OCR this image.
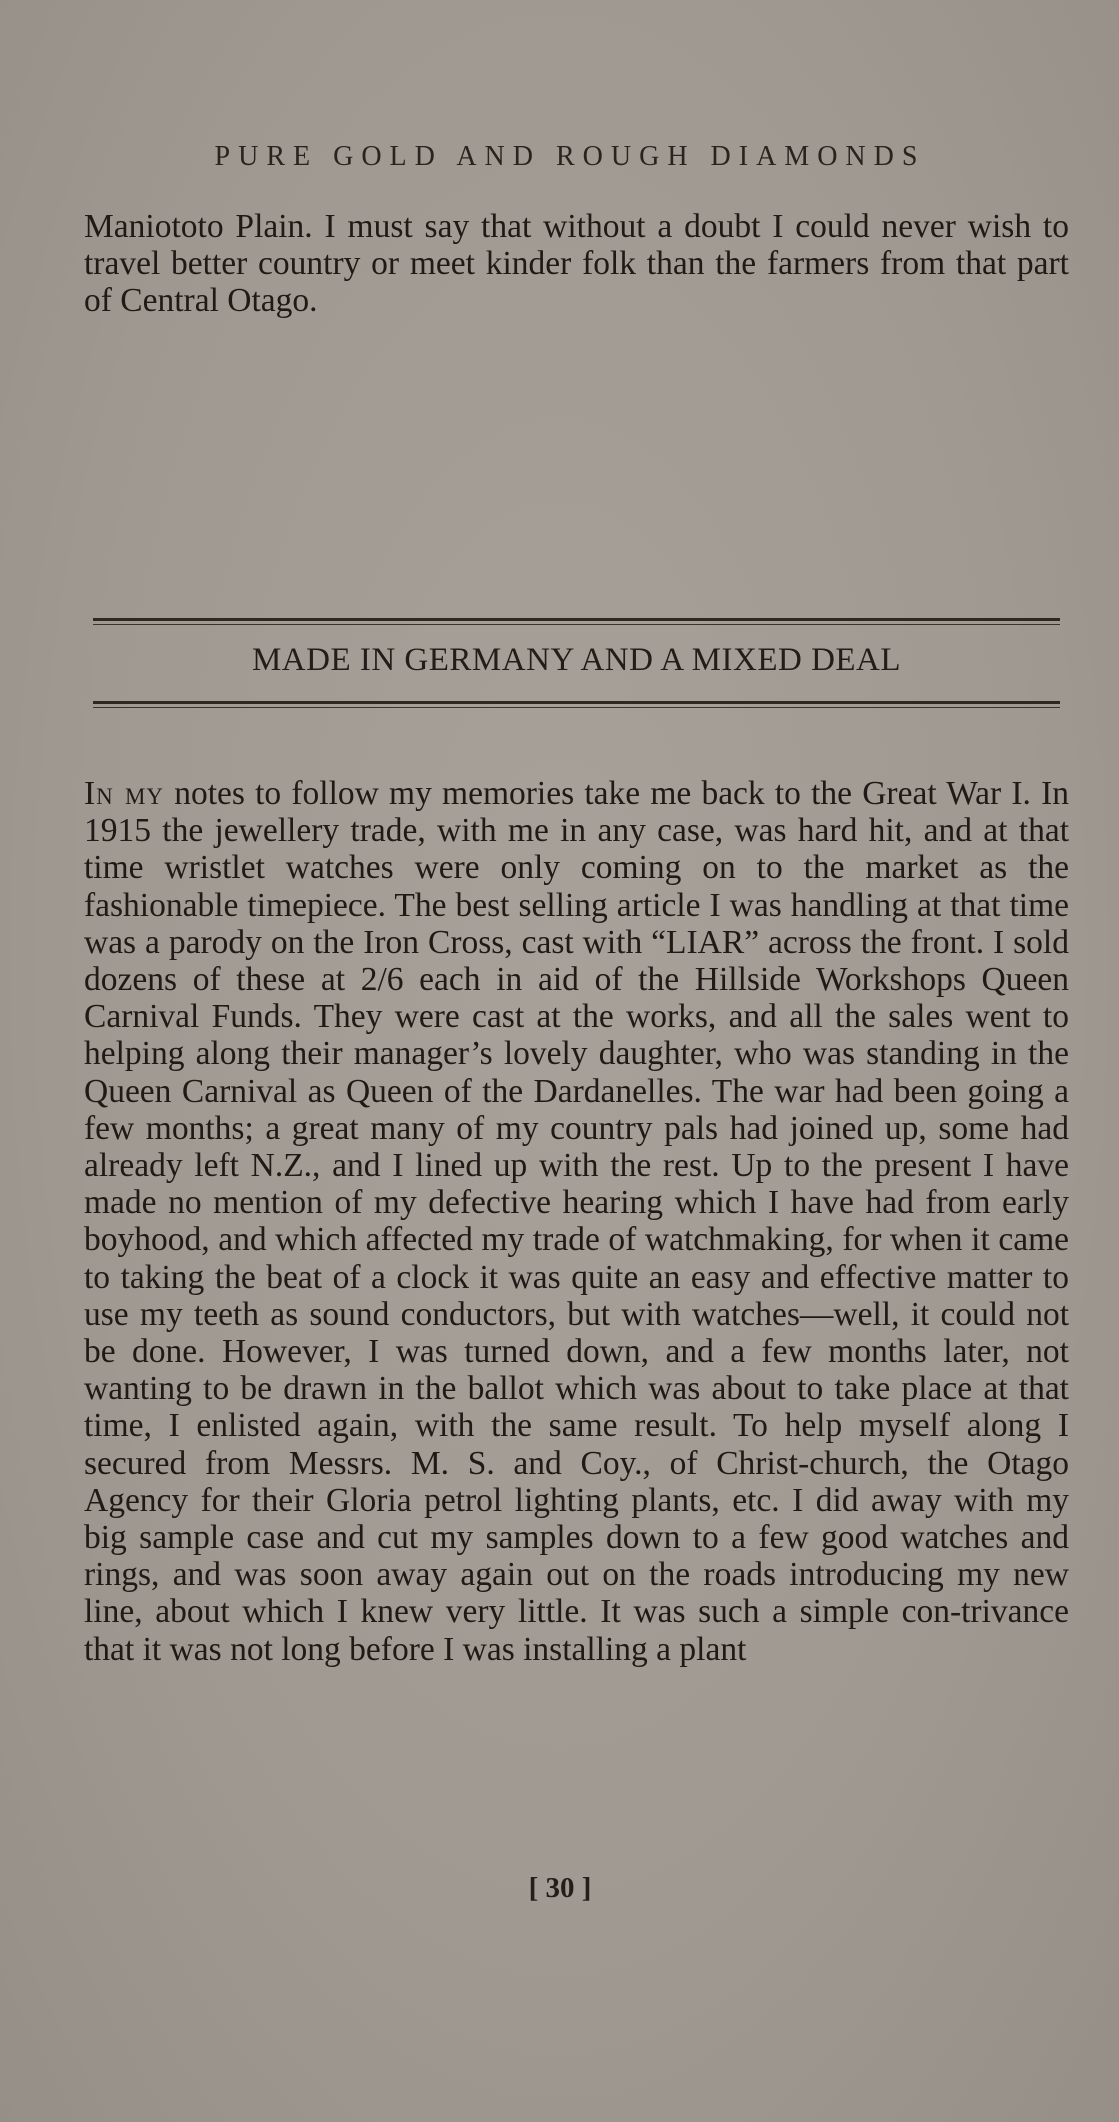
PURE GOLD AND ROUGH DIAMONDS

Maniototo Plain. I must say that without a doubt I could never wish to travel better country or meet kinder folk than the farmers from that part of Central Otago.

MADE IN GERMANY AND A MIXED DEAL

In my notes to follow my memories take me back to the Great War I. In 1915 the jewellery trade, with me in any case, was hard hit, and at that time wristlet watches were only coming on to the market as the fashionable timepiece. The best selling article I was handling at that time was a parody on the Iron Cross, cast with “LIAR” across the front. I sold dozens of these at 2/6 each in aid of the Hillside Workshops Queen Carnival Funds. They were cast at the works, and all the sales went to helping along their manager’s lovely daughter, who was standing in the Queen Carnival as Queen of the Dardanelles. The war had been going a few months; a great many of my country pals had joined up, some had already left N.Z., and I lined up with the rest. Up to the present I have made no mention of my defective hearing which I have had from early boyhood, and which affected my trade of watchmaking, for when it came to taking the beat of a clock it was quite an easy and effective matter to use my teeth as sound conductors, but with watches—well, it could not be done. However, I was turned down, and a few months later, not wanting to be drawn in the ballot which was about to take place at that time, I enlisted again, with the same result. To help myself along I secured from Messrs. M. S. and Coy., of Christ-church, the Otago Agency for their Gloria petrol lighting plants, etc. I did away with my big sample case and cut my samples down to a few good watches and rings, and was soon away again out on the roads introducing my new line, about which I knew very little. It was such a simple con-trivance that it was not long before I was installing a plant

[ 30 ]
